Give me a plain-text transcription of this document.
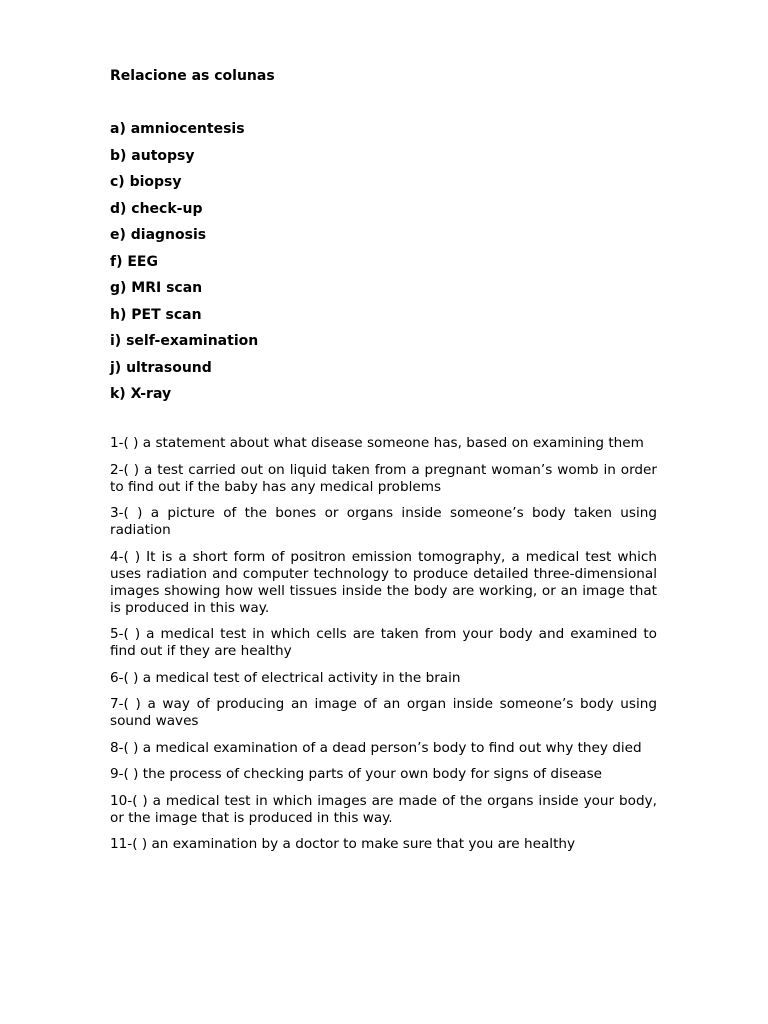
Relacione as colunas
a) amniocentesis
b) autopsy
c) biopsy
d) check-up
e) diagnosis
f) EEG
g) MRI scan
h) PET scan
i) self-examination
j) ultrasound
k) X-ray

1-( ) a statement about what disease someone has, based on examining them

2-( ) a test carried out on liquid taken from a pregnant woman’s womb in order to find out if the baby has any medical problems

3-( ) a picture of the bones or organs inside someone’s body taken using radiation

4-( ) It is a short form of positron emission tomography, a medical test which uses radiation and computer technology to produce detailed three-dimensional images showing how well tissues inside the body are working, or an image that is produced in this way.

5-( ) a medical test in which cells are taken from your body and examined to find out if they are healthy

6-( ) a medical test of electrical activity in the brain

7-( ) a way of producing an image of an organ inside someone’s body using sound waves

8-( ) a medical examination of a dead person’s body to find out why they died

9-( ) the process of checking parts of your own body for signs of disease

10-( ) a medical test in which images are made of the organs inside your body, or the image that is produced in this way.

11-( ) an examination by a doctor to make sure that you are healthy
